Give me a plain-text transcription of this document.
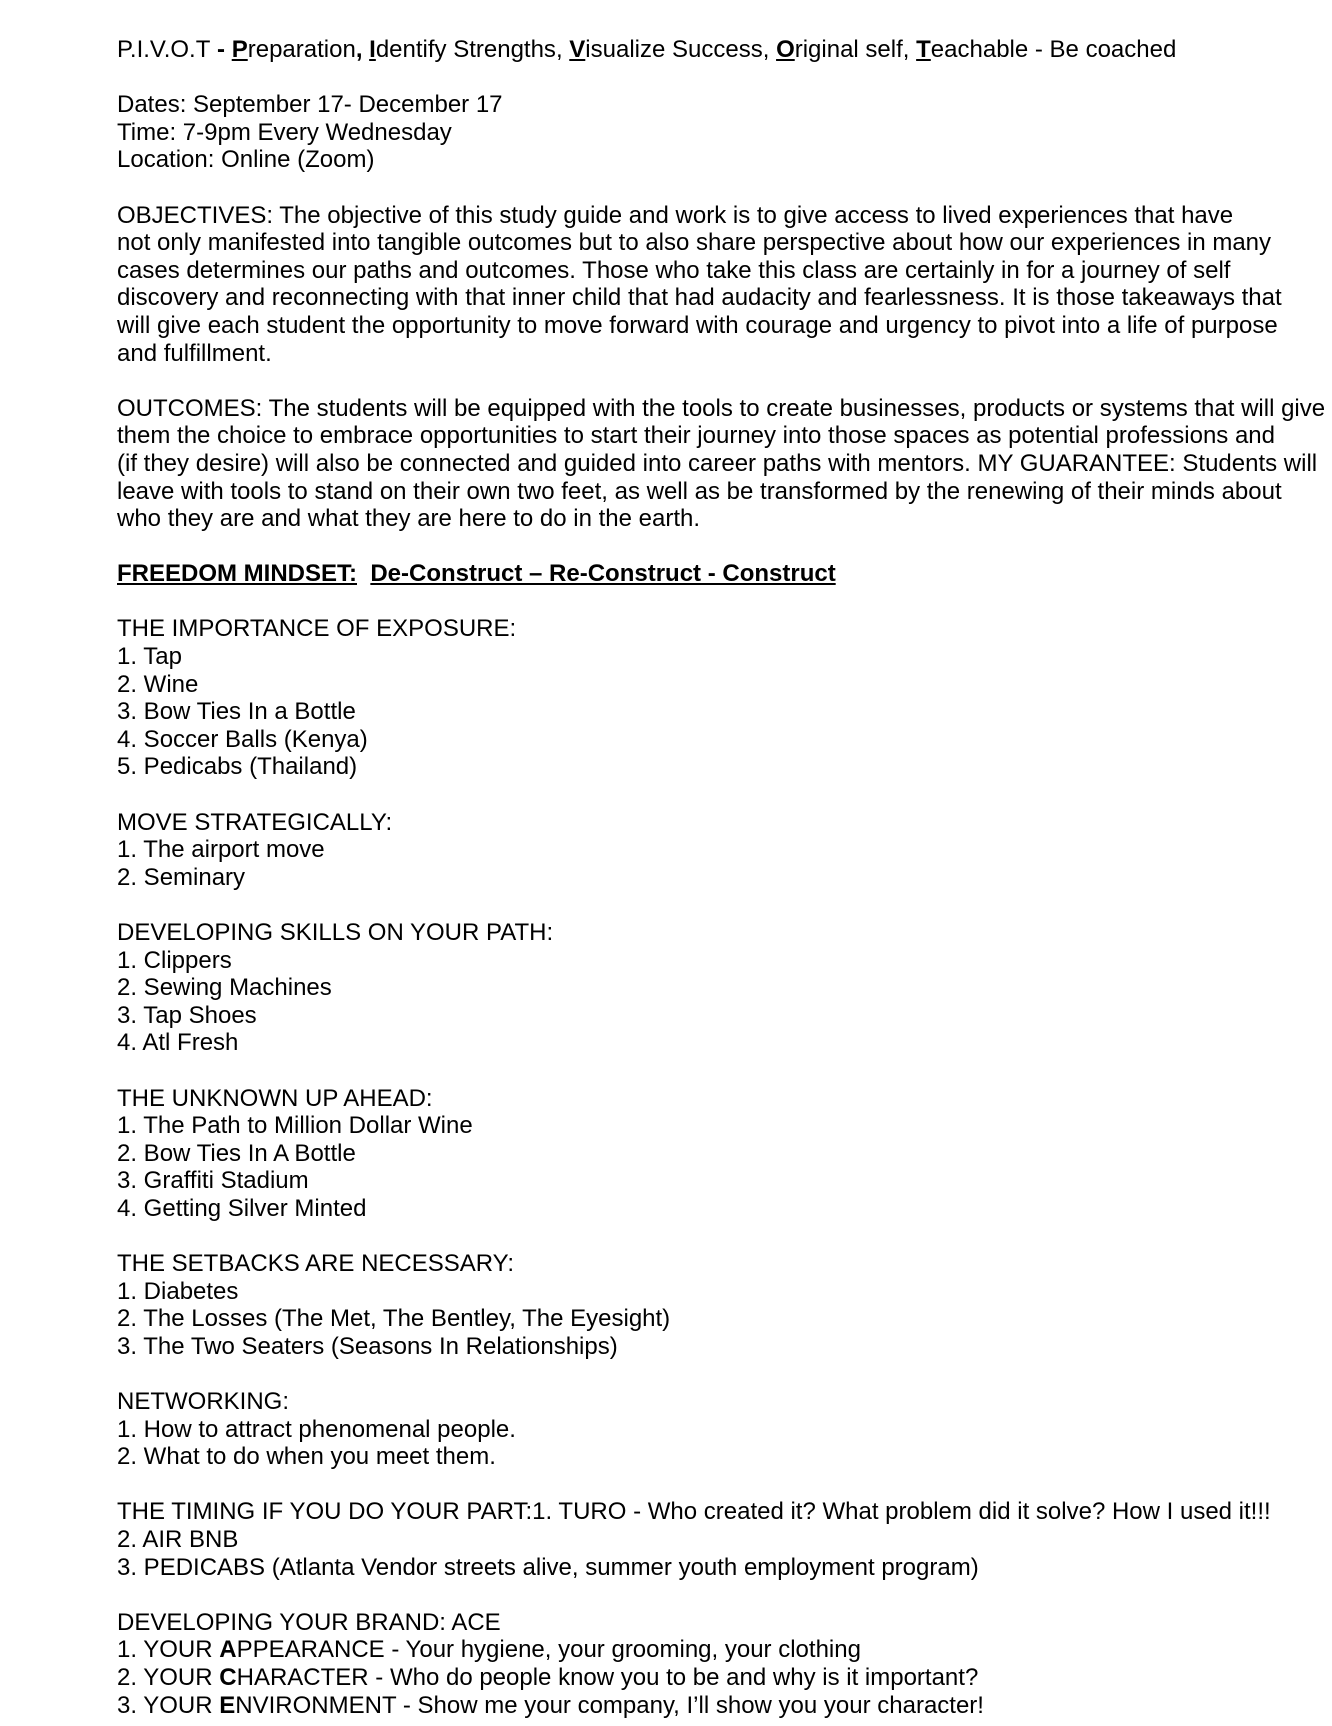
P.I.V.O.T - Preparation, Identify Strengths, Visualize Success, Original self, Teachable - Be coached
Dates: September 17- December 17
Time: 7-9pm Every Wednesday
Location: Online (Zoom)
OBJECTIVES: The objective of this study guide and work is to give access to lived experiences that have
not only manifested into tangible outcomes but to also share perspective about how our experiences in many
cases determines our paths and outcomes. Those who take this class are certainly in for a journey of self
discovery and reconnecting with that inner child that had audacity and fearlessness. It is those takeaways that
will give each student the opportunity to move forward with courage and urgency to pivot into a life of purpose
and fulfillment.
OUTCOMES: The students will be equipped with the tools to create businesses, products or systems that will give
them the choice to embrace opportunities to start their journey into those spaces as potential professions and
(if they desire) will also be connected and guided into career paths with mentors. MY GUARANTEE: Students will
leave with tools to stand on their own two feet, as well as be transformed by the renewing of their minds about
who they are and what they are here to do in the earth.
FREEDOM MINDSET: De-Construct – Re-Construct - Construct
THE IMPORTANCE OF EXPOSURE:
1. Tap
2. Wine
3. Bow Ties In a Bottle
4. Soccer Balls (Kenya)
5. Pedicabs (Thailand)
MOVE STRATEGICALLY:
1. The airport move
2. Seminary
DEVELOPING SKILLS ON YOUR PATH:
1. Clippers
2. Sewing Machines
3. Tap Shoes
4. Atl Fresh
THE UNKNOWN UP AHEAD:
1. The Path to Million Dollar Wine
2. Bow Ties In A Bottle
3. Graffiti Stadium
4. Getting Silver Minted
THE SETBACKS ARE NECESSARY:
1. Diabetes
2. The Losses (The Met, The Bentley, The Eyesight)
3. The Two Seaters (Seasons In Relationships)
NETWORKING:
1. How to attract phenomenal people.
2. What to do when you meet them.
THE TIMING IF YOU DO YOUR PART:1. TURO - Who created it? What problem did it solve? How I used it!!!
2. AIR BNB
3. PEDICABS (Atlanta Vendor streets alive, summer youth employment program)
DEVELOPING YOUR BRAND: ACE
1. YOUR APPEARANCE - Your hygiene, your grooming, your clothing
2. YOUR CHARACTER - Who do people know you to be and why is it important?
3. YOUR ENVIRONMENT - Show me your company, I’ll show you your character!
